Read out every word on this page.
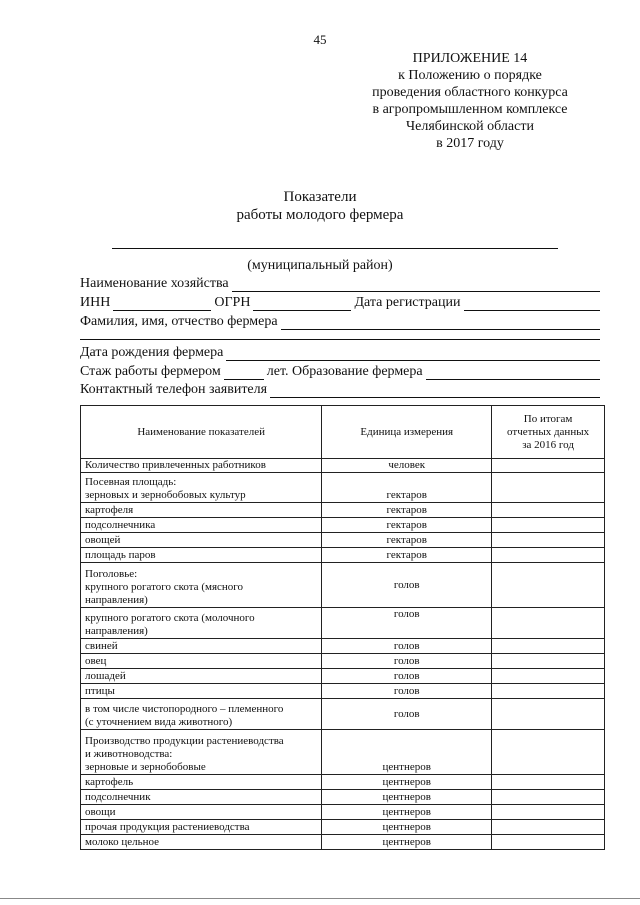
45
ПРИЛОЖЕНИЕ 14
к Положению о порядке
проведения областного конкурса
в агропромышленном комплексе
Челябинской области
в 2017 году
Показатели
работы молодого фермера
(муниципальный район)
Наименование хозяйства
ИНН	ОГРН	Дата регистрации
Фамилия, имя, отчество фермера
Дата рождения фермера
Стаж работы фермером	лет. Образование фермера
Контактный телефон заявителя
Наименование показателей	Единица измерения	По итогам
отчетных данных
за 2016 год

Количество привлеченных работников	человек	

Посевная площадь:
зерновых и зернобобовых культур	гектаров	
картофеля	гектаров	
подсолнечника	гектаров	
овощей	гектаров	
площадь паров	гектаров	

Поголовье:
крупного рогатого скота (мясного
направления)	голов	

крупного рогатого скота (молочного
направления)	голов	
свиней	голов	
овец	голов	
лошадей	голов	
птицы	голов	

в том числе чистопородного – племенного
(с уточнением вида животного)	голов	

Производство продукции растениеводства
и животноводства:
зерновые и зернобобовые	центнеров	
картофель	центнеров	
подсолнечник	центнеров	
овощи	центнеров	
прочая продукция растениеводства	центнеров	
молоко цельное	центнеров	
